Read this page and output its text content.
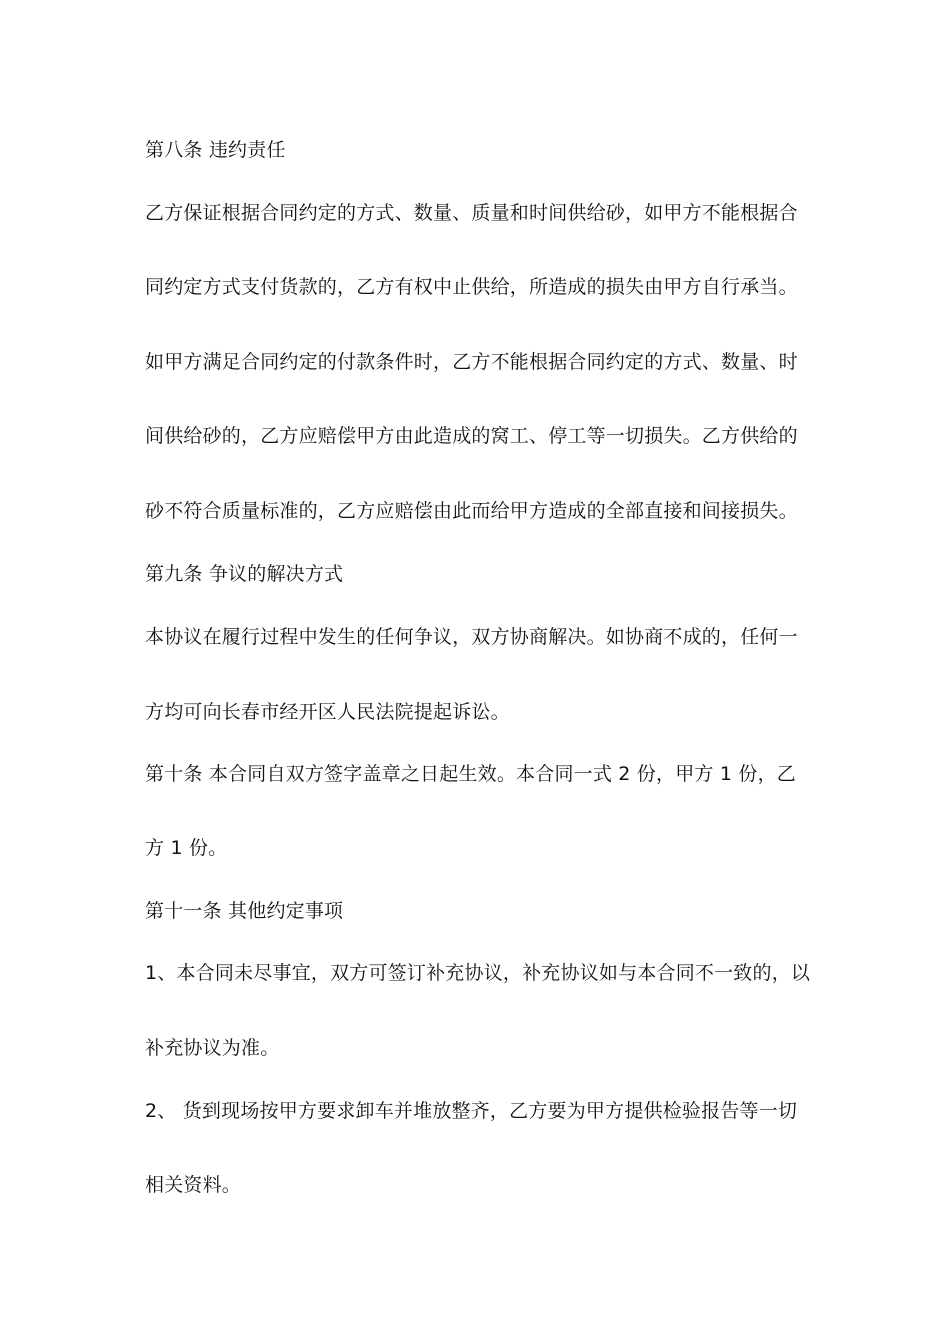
第八条 违约责任
乙方保证根据合同约定的方式、数量、质量和时间供给砂，如甲方不能根据合
同约定方式支付货款的，乙方有权中止供给，所造成的损失由甲方自行承当。
如甲方满足合同约定的付款条件时，乙方不能根据合同约定的方式、数量、时
间供给砂的，乙方应赔偿甲方由此造成的窝工、停工等一切损失。乙方供给的
砂不符合质量标准的，乙方应赔偿由此而给甲方造成的全部直接和间接损失。
第九条 争议的解决方式
本协议在履行过程中发生的任何争议，双方协商解决。如协商不成的，任何一
方均可向长春市经开区人民法院提起诉讼。
第十条 本合同自双方签字盖章之日起生效。本合同一式 2 份，甲方 1 份，乙
方 1 份。
第十一条 其他约定事项
1、本合同未尽事宜，双方可签订补充协议，补充协议如与本合同不一致的，以
补充协议为准。
2、 货到现场按甲方要求卸车并堆放整齐，乙方要为甲方提供检验报告等一切
相关资料。
